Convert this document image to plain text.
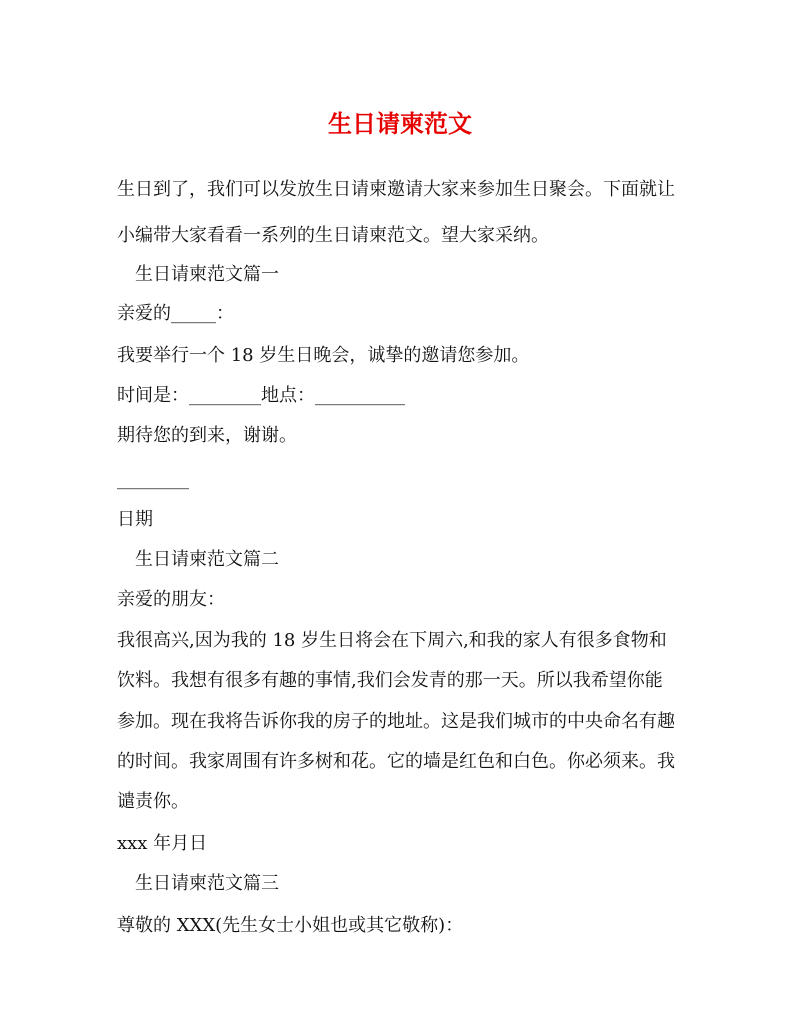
生日请柬范文
生日到了，我们可以发放生日请柬邀请大家来参加生日聚会。下面就让
小编带大家看看一系列的生日请柬范文。望大家采纳。
生日请柬范文篇一
亲爱的_____：
我要举行一个 18 岁生日晚会，诚挚的邀请您参加。
时间是：________地点：__________
期待您的到来，谢谢。
________
日期
生日请柬范文篇二
亲爱的朋友：
我很高兴,因为我的 18 岁生日将会在下周六,和我的家人有很多食物和
饮料。我想有很多有趣的事情,我们会发青的那一天。所以我希望你能
参加。现在我将告诉你我的房子的地址。这是我们城市的中央命名有趣
的时间。我家周围有许多树和花。它的墙是红色和白色。你必须来。我
谴责你。
xxx 年月日
生日请柬范文篇三
尊敬的 XXX(先生女士小姐也或其它敬称)：
